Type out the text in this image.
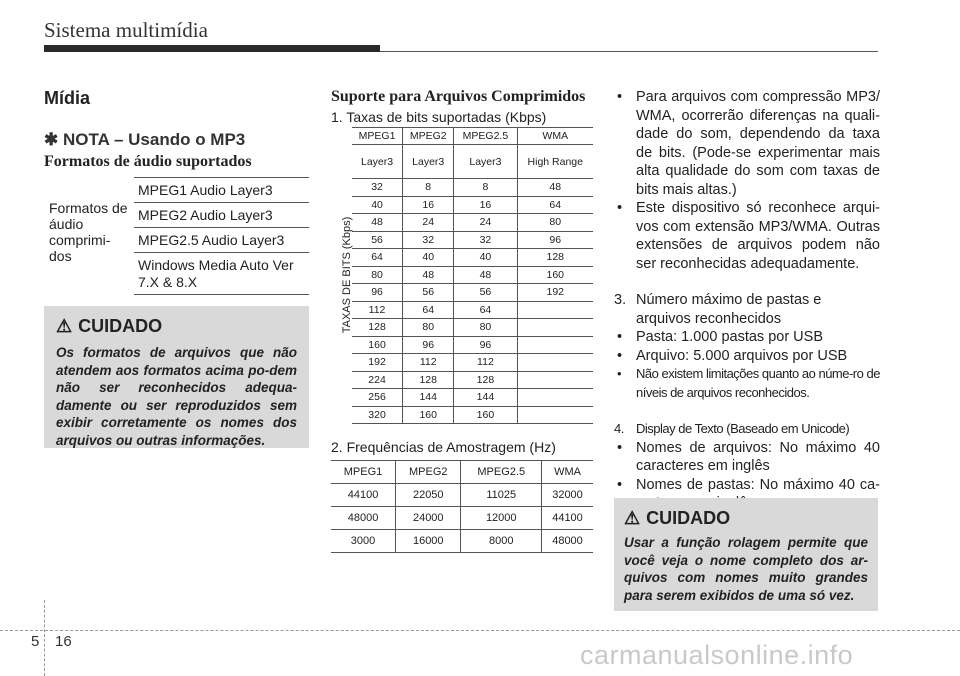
Sistema multimídia
Mídia
✱ NOTA – Usando o MP3
Formatos de áudio suportados
Formatos de áudio comprimi-dos	MPEG1 Audio Layer3
MPEG2 Audio Layer3
MPEG2.5 Audio Layer3
Windows Media Auto Ver 7.X & 8.X
⚠ CUIDADO
Os formatos de arquivos que não atendem aos formatos acima po-dem não ser reconhecidos adequa-damente ou ser reproduzidos sem exibir corretamente os nomes dos arquivos ou outras informações.
Suporte para Arquivos Comprimidos
1. Taxas de bits suportadas (Kbps)
TAXAS DE BITS (Kbps)
MPEG1	MPEG2	MPEG2.5	WMA
Layer3	Layer3	Layer3	High Range
32	8	8	48
40	16	16	64
48	24	24	80
56	32	32	96
64	40	40	128
80	48	48	160
96	56	56	192
112	64	64	
128	80	80	
160	96	96	
192	112	112	
224	128	128	
256	144	144	
320	160	160	
2. Frequências de Amostragem (Hz)
MPEG1	MPEG2	MPEG2.5	WMA
44100	22050	11025	32000
48000	24000	12000	44100
3000	16000	8000	48000
• Para arquivos com compressão MP3/ WMA, ocorrerão diferenças na quali-dade do som, dependendo da taxa de bits. (Pode-se experimentar mais alta qualidade do som com taxas de bits mais altas.)
• Este dispositivo só reconhece arqui-vos com extensão MP3/WMA. Outras extensões de arquivos podem não ser reconhecidas adequadamente.
3. Número máximo de pastas e arquivos reconhecidos
• Pasta: 1.000 pastas por USB
• Arquivo: 5.000 arquivos por USB
• Não existem limitações quanto ao núme-ro de níveis de arquivos reconhecidos.
4. Display de Texto (Baseado em Unicode)
• Nomes de arquivos: No máximo 40 caracteres em inglês
• Nomes de pastas: No máximo 40 ca-
⚠ CUIDADO
Usar a função rolagem permite que você veja o nome completo dos ar-quivos com nomes muito grandes para serem exibidos de uma só vez.
5 16	carmanualsonline.info
